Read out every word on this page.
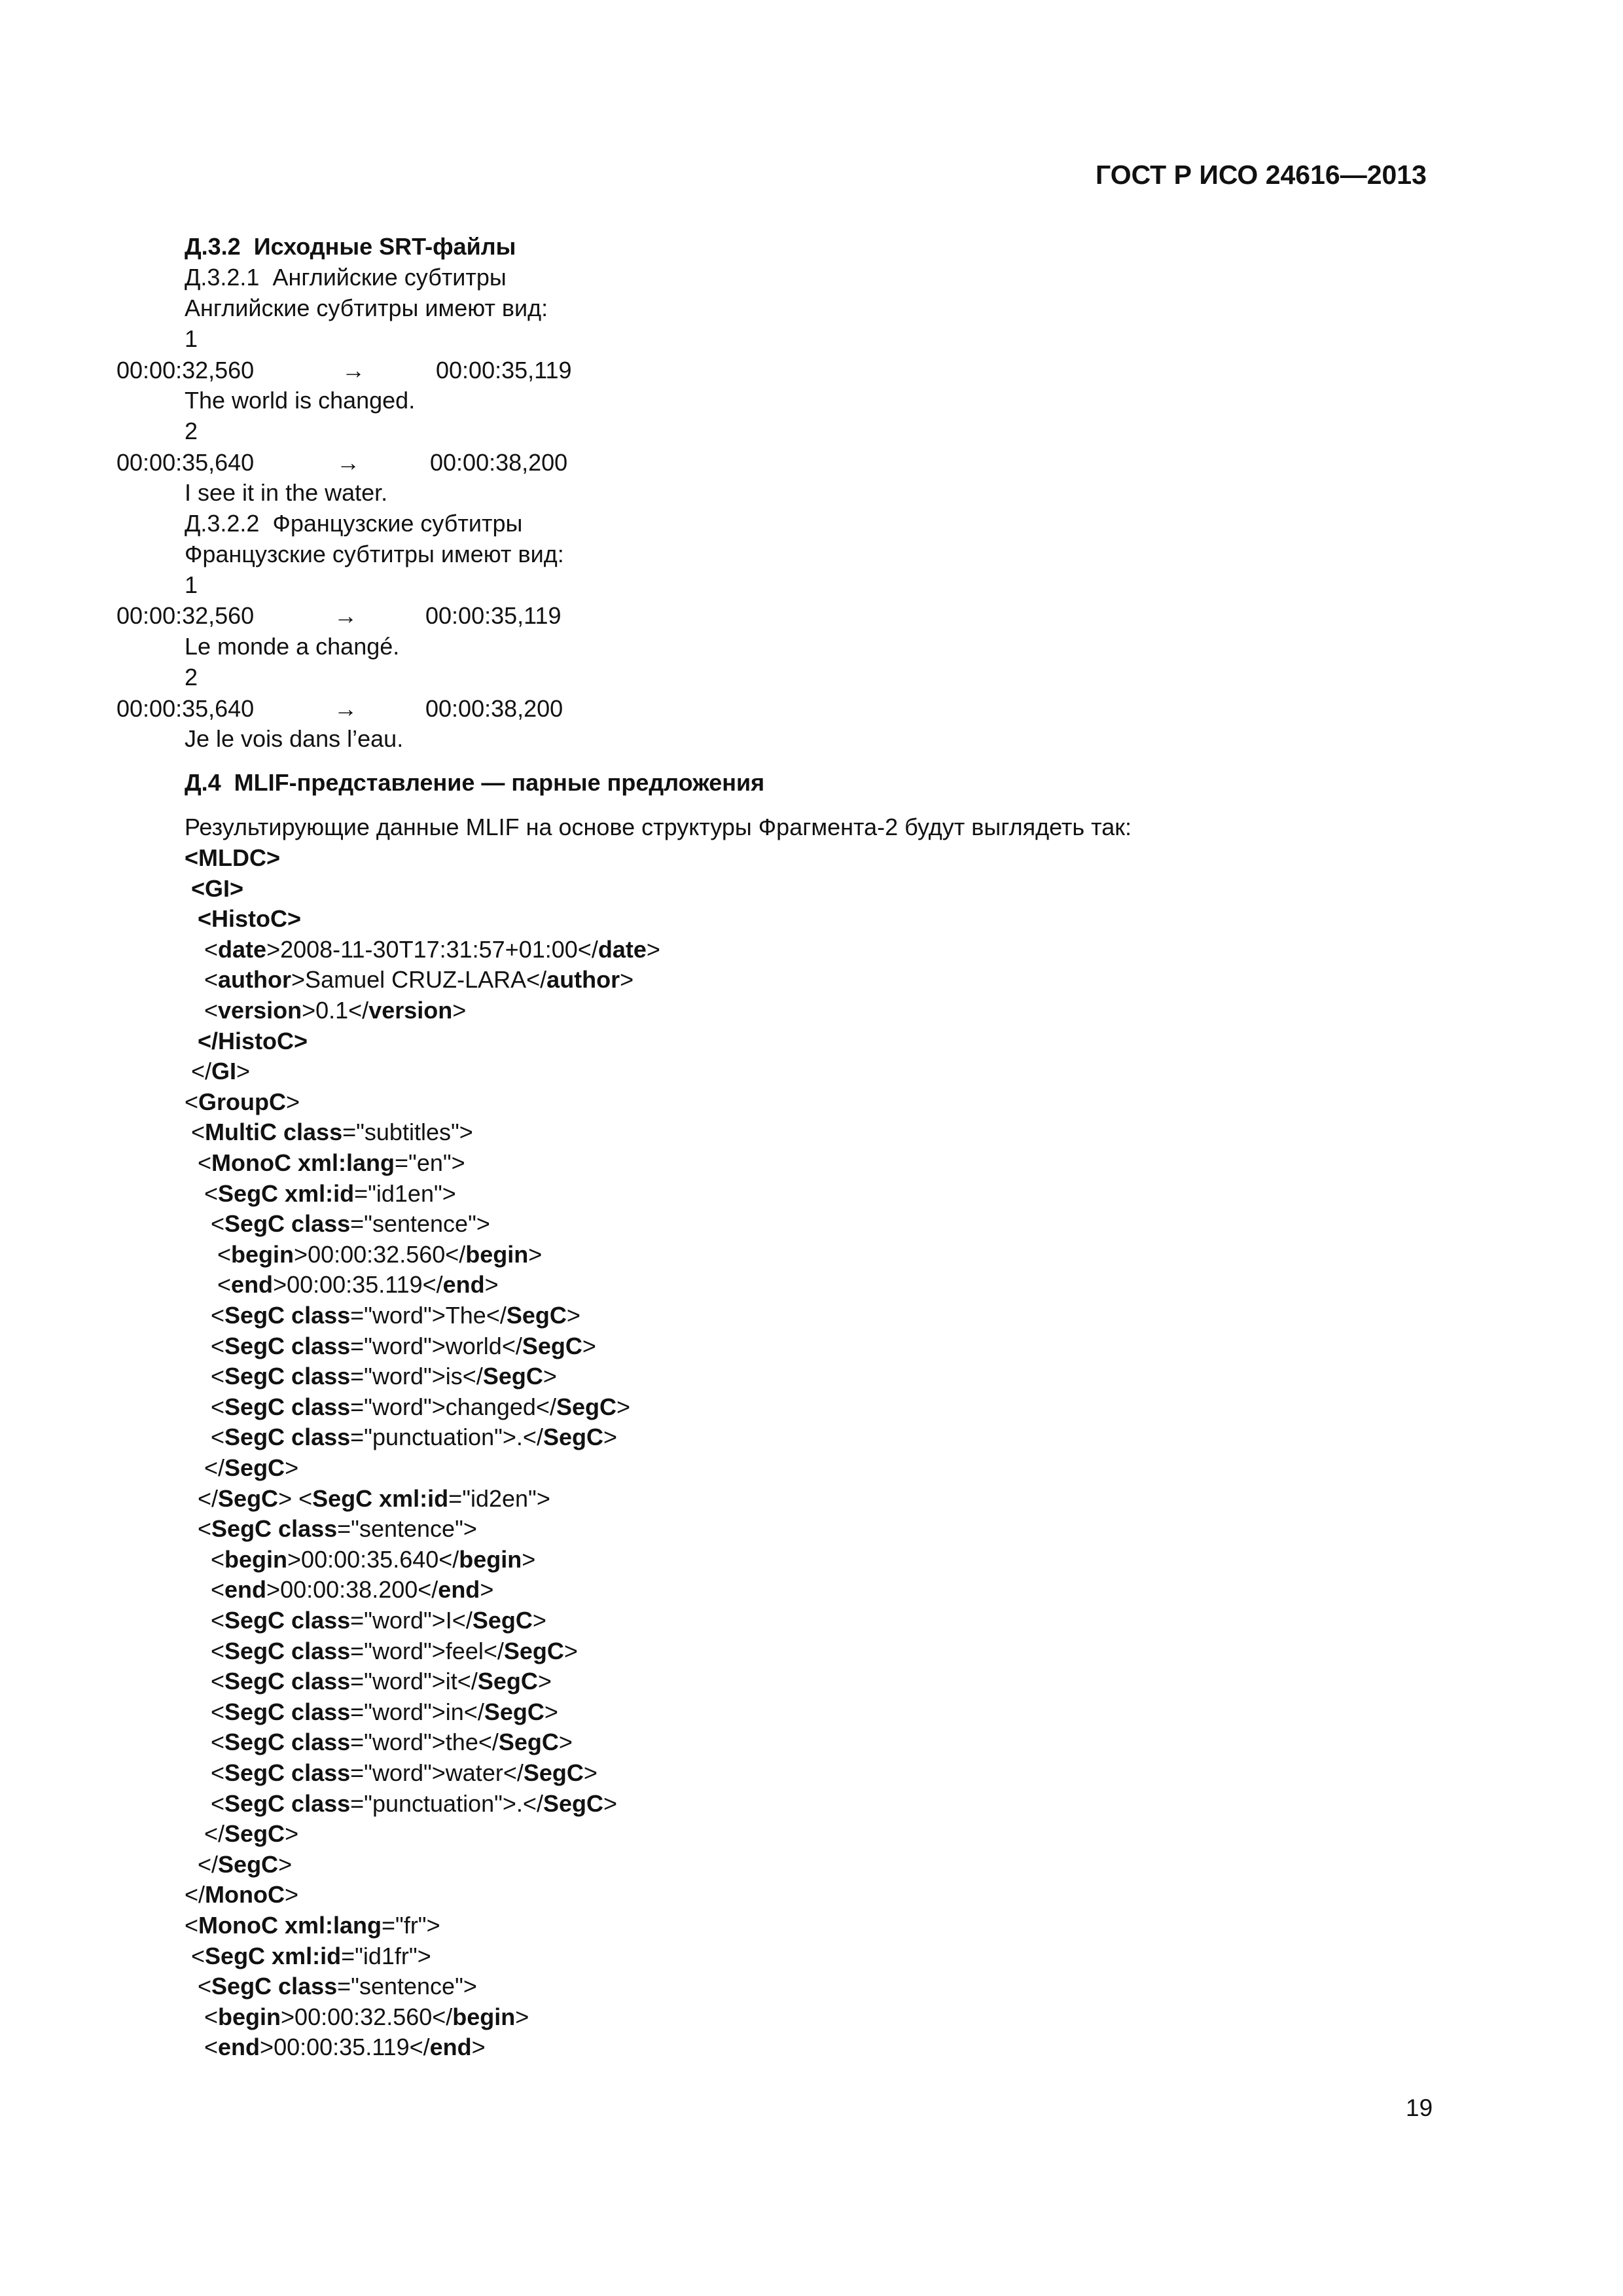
ГОСТ Р ИСО 24616—2013
Д.3.2  Исходные SRT-файлы
Д.3.2.1  Английские субтитры
Английские субтитры имеют вид:
1
00:00:32,560	→	00:00:35,119
The world is changed.
2
00:00:35,640	→	00:00:38,200
I see it in the water.
Д.3.2.2  Французские субтитры
Французские субтитры имеют вид:
1
00:00:32,560	→	00:00:35,119
Le monde a changé.
2
00:00:35,640	→	00:00:38,200
Je le vois dans l’eau.
Д.4  MLIF-представление — парные предложения
Результирующие данные MLIF на основе структуры Фрагмента-2 будут выглядеть так:
<MLDC>
<GI>
<HistoC>
<date>2008-11-30T17:31:57+01:00</date>
<author>Samuel CRUZ-LARA</author>
<version>0.1</version>
</HistoC>
</GI>
<GroupC>
<MultiC class="subtitles">
<MonoC xml:lang="en">
<SegC xml:id="id1en">
<SegC class="sentence">
<begin>00:00:32.560</begin>
<end>00:00:35.119</end>
<SegC class="word">The</SegC>
<SegC class="word">world</SegC>
<SegC class="word">is</SegC>
<SegC class="word">changed</SegC>
<SegC class="punctuation">.</SegC>
</SegC>
</SegC> <SegC xml:id="id2en">
<SegC class="sentence">
<begin>00:00:35.640</begin>
<end>00:00:38.200</end>
<SegC class="word">I</SegC>
<SegC class="word">feel</SegC>
<SegC class="word">it</SegC>
<SegC class="word">in</SegC>
<SegC class="word">the</SegC>
<SegC class="word">water</SegC>
<SegC class="punctuation">.</SegC>
</SegC>
</SegC>
</MonoC>
<MonoC xml:lang="fr">
<SegC xml:id="id1fr">
<SegC class="sentence">
<begin>00:00:32.560</begin>
<end>00:00:35.119</end>
19
